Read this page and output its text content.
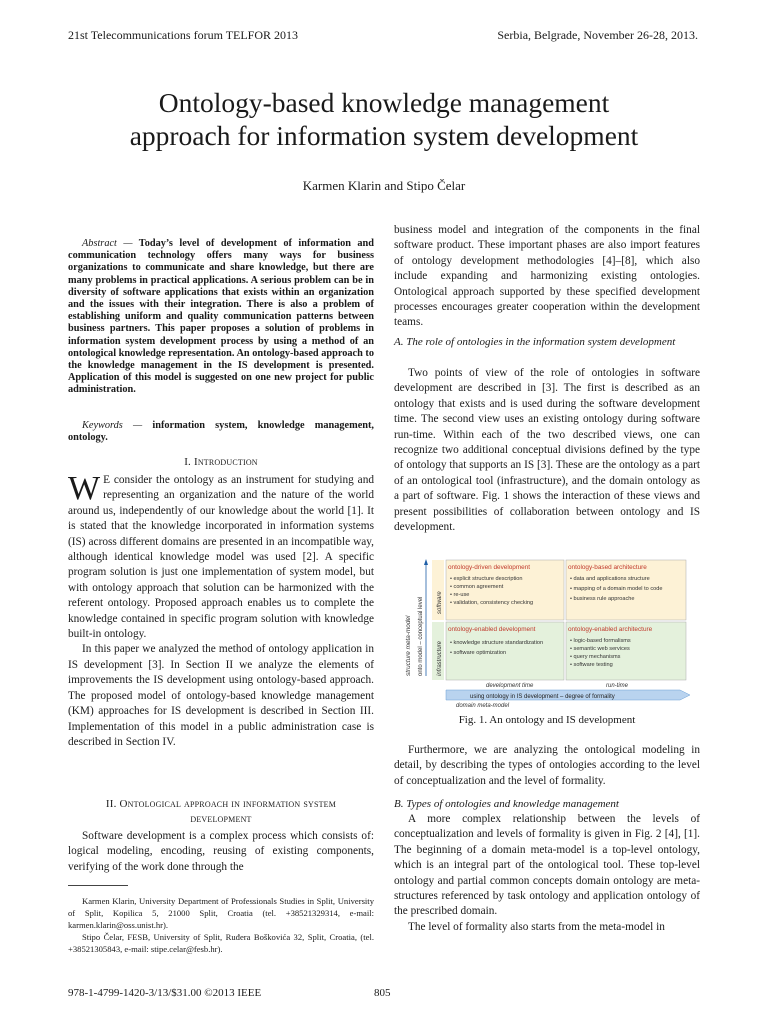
21st Telecommunications forum TELFOR 2013	Serbia, Belgrade, November 26-28, 2013.
Ontology-based knowledge management
approach for information system development
Karmen Klarin and Stipo Čelar
Abstract — Today’s level of development of information and communication technology offers many ways for business organizations to communicate and share knowledge, but there are many problems in practical applications. A serious problem can be in diversity of software applications that exists within an organization and the issues with their integration. There is also a problem of establishing uniform and quality communication patterns between business partners. This paper proposes a solution of problems in information system development process by using a method of an ontological knowledge representation. An ontology-based approach to the knowledge management in the IS development is presented. Application of this model is suggested on one new project for public administration.
Keywords — information system, knowledge management, ontology.
I. Introduction

W E consider the ontology as an instrument for studying and representing an organization and the nature of the world around us, independently of our knowledge about the world [1]. It is stated that the knowledge incorporated in information systems (IS) across different domains are presented in an incompatible way, although identical knowledge model was used [2]. A specific program solution is just one implementation of system model, but with ontology approach that solution can be harmonized with the referent ontology. Proposed approach enables us to complete the knowledge contained in specific program solution with knowledge built-in ontology.

In this paper we analyzed the method of ontology application in IS development [3]. In Section II we analyze the elements of improvements the IS development using ontology-based approach. The proposed model of ontology-based knowledge management (KM) approaches for IS development is described in Section III. Implementation of this model in a public administration case is described in Section IV.

II. Ontological approach in information system
development

Software development is a complex process which consists of: logical modeling, encoding, reusing of existing components, verifying of the work done through the

Karmen Klarin, University Department of Professionals Studies in Split, University of Split, Kopilica 5, 21000 Split, Croatia (tel. +38521329314, e-mail: karmen.klarin@oss.unist.hr).

Stipo Čelar, FESB, University of Split, Ruđera Boškovića 32, Split, Croatia, (tel. +38521305843, e-mail: stipe.celar@fesb.hr).

business model and integration of the components in the final software product. These important phases are also import features of ontology development methodologies [4]–[8], which also include expanding and harmonizing existing ontologies. Ontological approach supported by these specified development processes encourages greater cooperation within the development teams.

A. The role of ontologies in the information system development

Two points of view of the role of ontologies in software development are described in [3]. The first is described as an ontology that exists and is used during the software development time. The second view uses an existing ontology during software run-time. Within each of the two described views, one can recognize two additional conceptual divisions defined by the type of ontology that supports an IS [3]. These are the ontology as a part of an ontological tool (infrastructure), and the domain ontology as a part of software. Fig. 1 shows the interaction of these views and present possibilities of collaboration between ontology and IS development.

ontology-driven development
• explicit structure description
• common agreement
• re-use
• validation, consistency checking
ontology-based architecture
• data and applications structure
• mapping of a domain model to code
• business rule approache
ontology-enabled development
• knowledge structure standardization
• software optimization
ontology-enabled architecture
• logic-based formalisms
• semantic web services
• query mechanisms
• software testing
structure meta-model onto model – conceptual level software
infrastructure
development time	run-time
using ontology in IS development – degree of formality
domain meta-model
Fig. 1. An ontology and IS development

Furthermore, we are analyzing the ontological modeling in detail, by describing the types of ontologies according to the level of conceptualization and the level of formality.

B. Types of ontologies and knowledge management

A more complex relationship between the levels of conceptualization and levels of formality is given in Fig. 2 [4], [1]. The beginning of a domain meta-model is a top-level ontology, which is an integral part of the ontological tool. These top-level ontology and partial common concepts domain ontology are meta-structures referenced by task ontology and application ontology of the prescribed domain.

The level of formality also starts from the meta-model in

978-1-4799-1420-3/13/$31.00 ©2013 IEEE	805
